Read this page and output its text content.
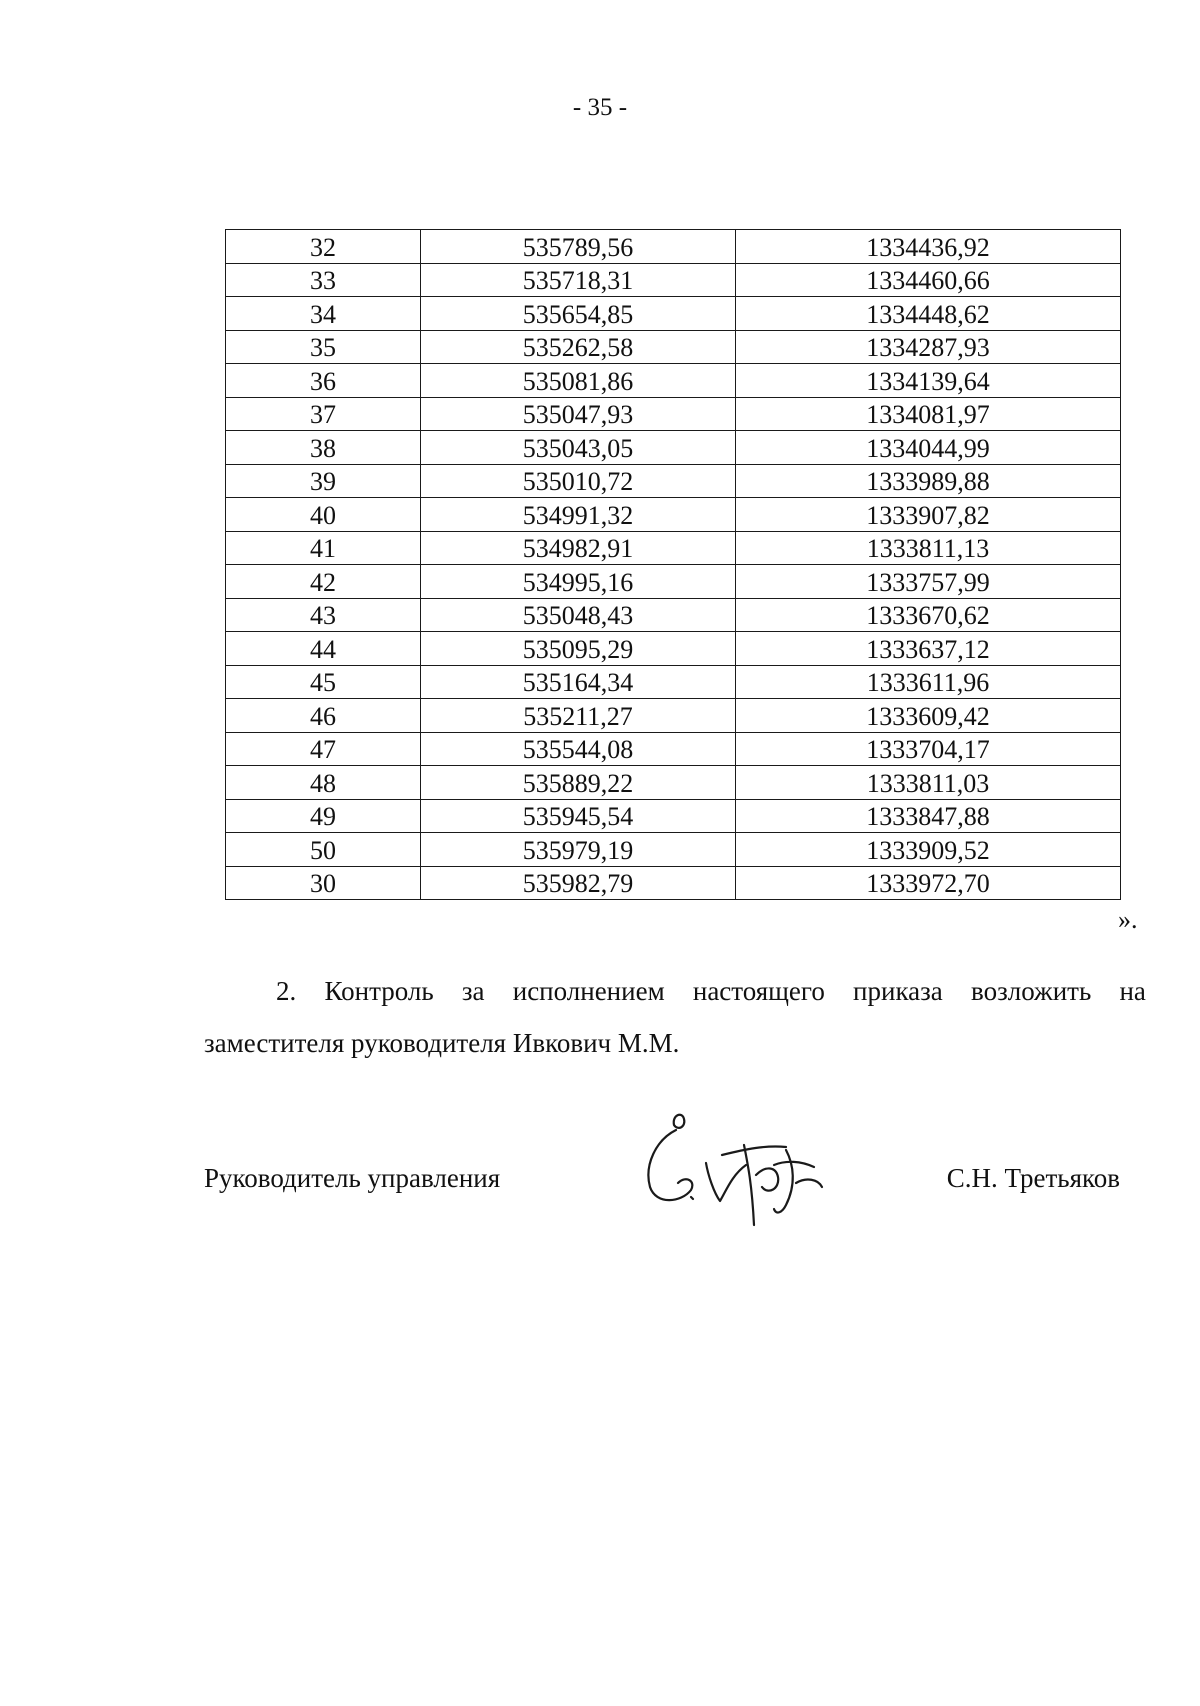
- 35 -
32	535789,56	1334436,92
33	535718,31	1334460,66
34	535654,85	1334448,62
35	535262,58	1334287,93
36	535081,86	1334139,64
37	535047,93	1334081,97
38	535043,05	1334044,99
39	535010,72	1333989,88
40	534991,32	1333907,82
41	534982,91	1333811,13
42	534995,16	1333757,99
43	535048,43	1333670,62
44	535095,29	1333637,12
45	535164,34	1333611,96
46	535211,27	1333609,42
47	535544,08	1333704,17
48	535889,22	1333811,03
49	535945,54	1333847,88
50	535979,19	1333909,52
30	535982,79	1333972,70
».
2. Контроль за исполнением настоящего приказа возложить на
заместителя руководителя Ивкович М.М.
Руководитель управления	С.Н. Третьяков
